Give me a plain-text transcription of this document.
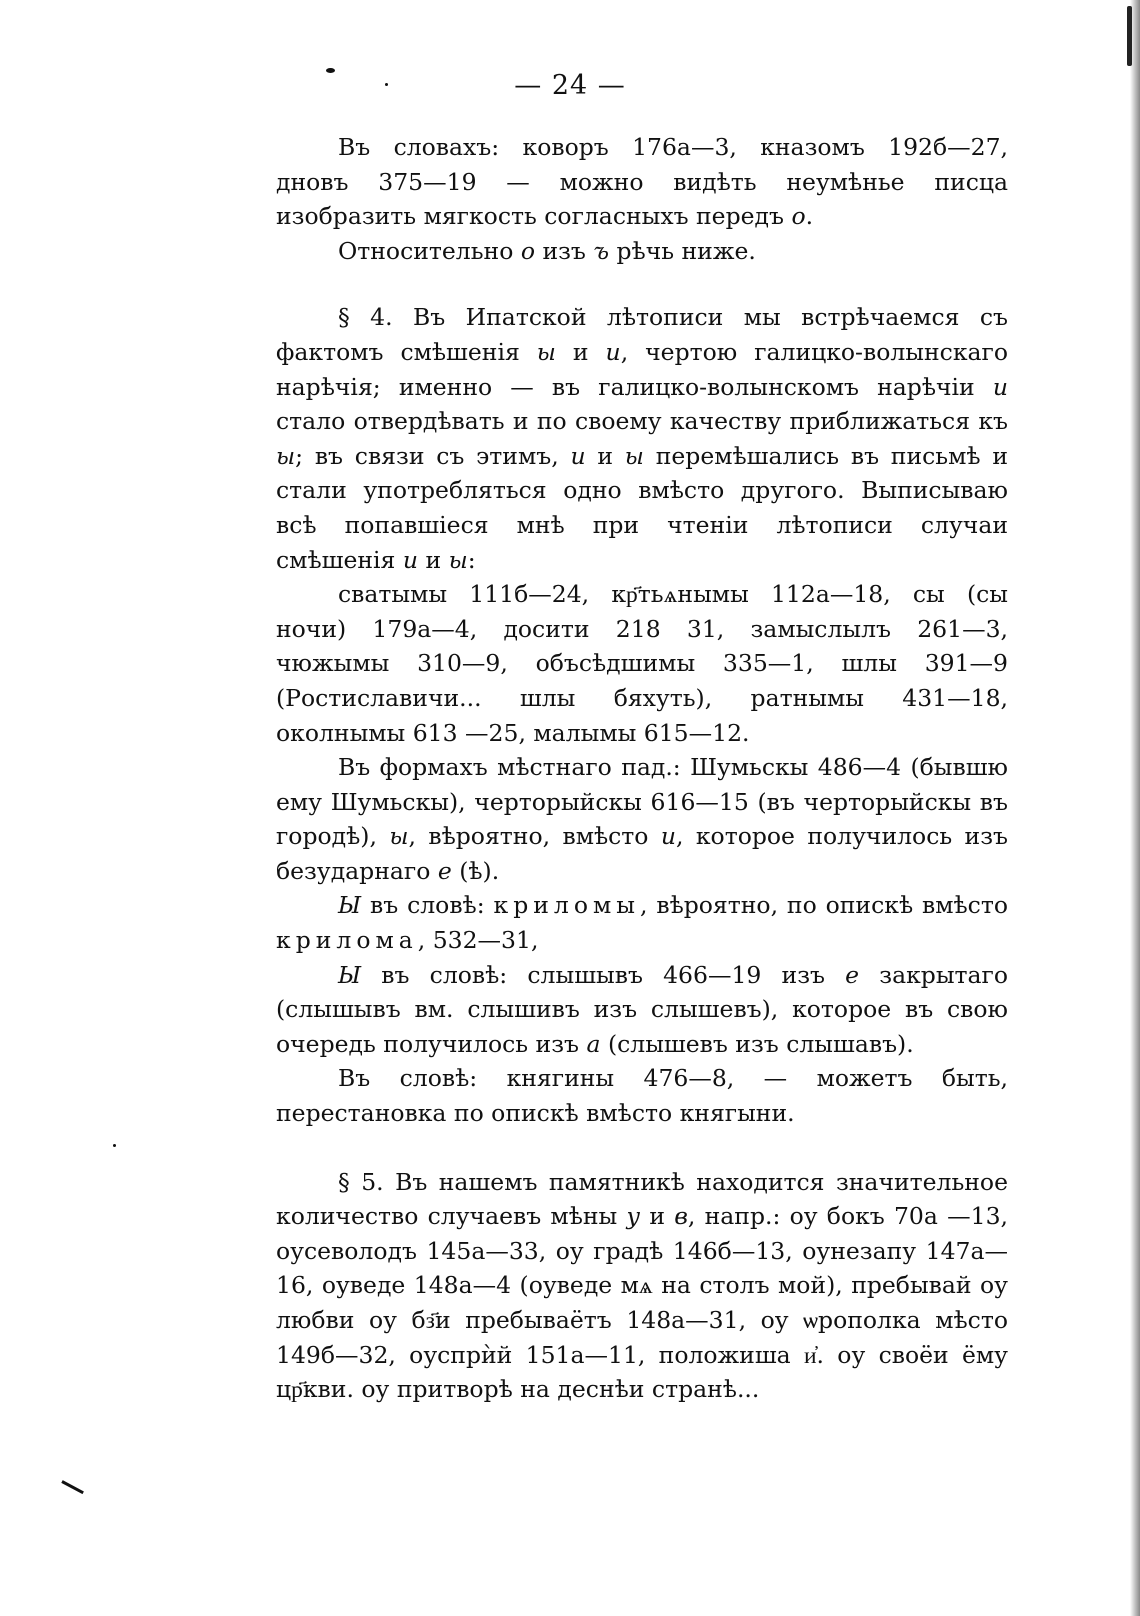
— 24 —

Въ словахъ: коворъ 176а—3, кназомъ 192б—27, дновъ 375—19 — можно видѣть неумѣнье писца изобразить мягкость согласныхъ передъ о.

Относительно о изъ ъ рѣчь ниже.

§ 4. Въ Ипатской лѣтописи мы встрѣчаемся съ фактомъ смѣшенія ы и и, чертою галицко-волынскаго нарѣчія; именно — въ галицко-волынскомъ нарѣчіи и стало отвердѣвать и по своему качеству приближаться къ ы; въ связи съ этимъ, и и ы перемѣшались въ письмѣ и стали употребляться одно вмѣсто другого. Выписываю всѣ попавшіеся мнѣ при чтеніи лѣтописи случаи смѣшенія и и ы:

сватымы 111б—24, кр҃тьѧнымы 112а—18, сы (сы ночи) 179а—4, досити 218 31, замыслылъ 261—3, чюжымы 310—9, объсѣдшимы 335—1, шлы 391—9 (Ростиславичи... шлы бяхуть), ратнымы 431—18, околнымы 613 —25, малымы 615—12.

Въ формахъ мѣстнаго пад.: Шумьскы 486—4 (бывшю ему Шумьскы), черторыйскы 616—15 (въ черторыйскы въ городѣ), ы, вѣроятно, вмѣсто и, которое получилось изъ безударнаго е (ѣ).

Ы въ словѣ: криломы, вѣроятно, по опискѣ вмѣсто крилома, 532—31,

Ы въ словѣ: слышывъ 466—19 изъ е закрытаго (слышывъ вм. слышивъ изъ слышевъ), которое въ свою очередь получилось изъ а (слышевъ изъ слышавъ).

Въ словѣ: княгины 476—8, — можетъ быть, перестановка по опискѣ вмѣсто княгыни.

§ 5. Въ нашемъ памятникѣ находится значительное количество случаевъ мѣны у и в, напр.: оу бокъ 70а —13, оуcеволодъ 145а—33, оу градѣ 146б—13, оунезапу 147а—16, оуведе 148а—4 (оуведе мѧ на столъ мой), пребывай оу любви оу бз҃и пребываётъ 148а—31, оу ѡрополка мѣсто 149б—32, оуспрѝй 151а—11, положиша и҆. оу своёи ёму цр҃кви. оу притворѣ на деснѣи странѣ...
